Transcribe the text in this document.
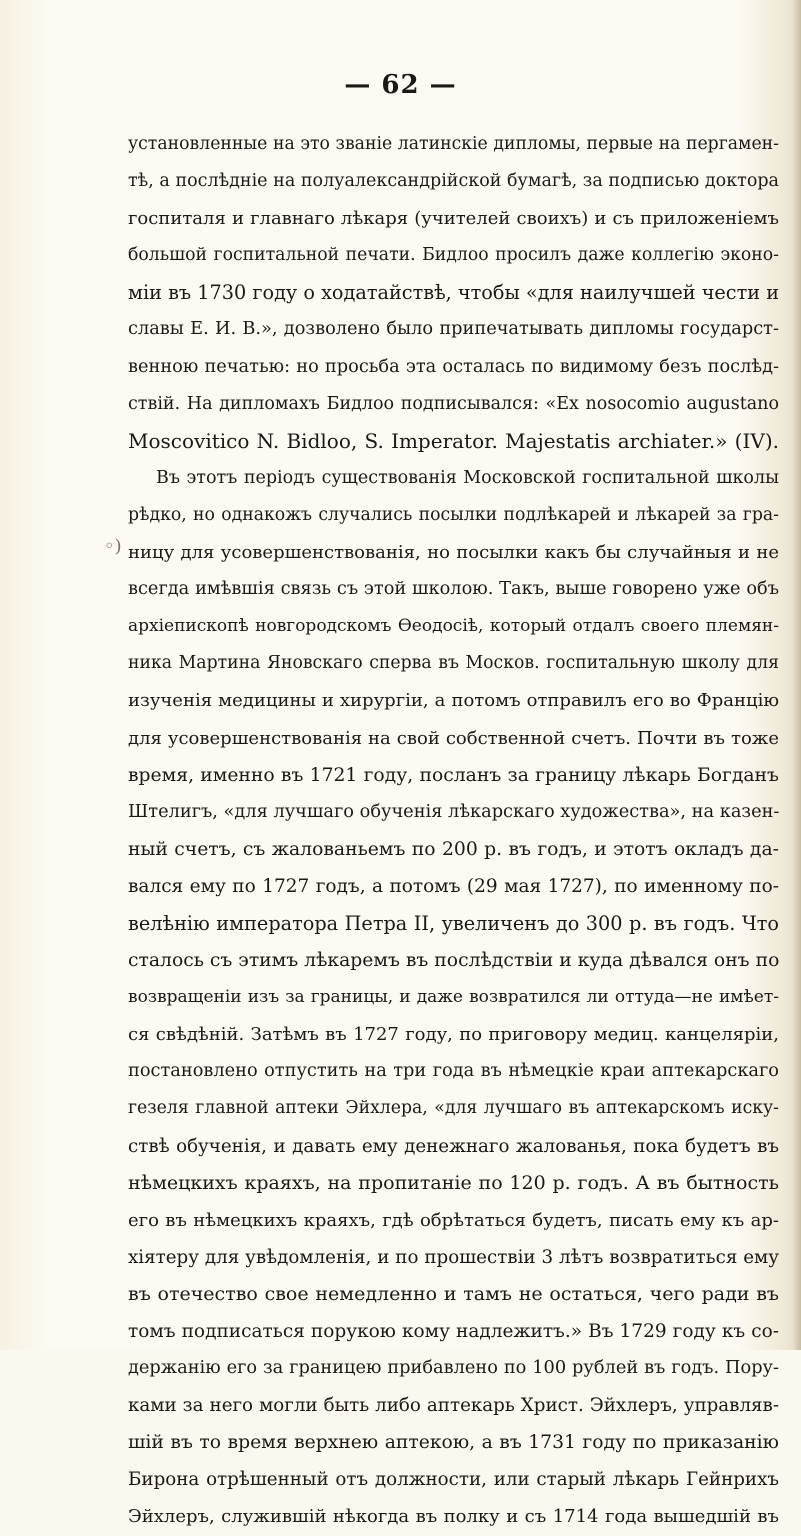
— 62 —
◦)
установленные на это званіе латинскіе дипломы, первые на пергамен-
тѣ, а послѣдніе на полуалександрійской бумагѣ, за подписью доктора
госпиталя и главнаго лѣкаря (учителей своихъ) и съ приложеніемъ
большой госпитальной печати. Бидлоо просилъ даже коллегію эконо-
міи въ 1730 году о ходатайствѣ, чтобы «для наилучшей чести и
славы Е. И. В.», дозволено было припечатывать дипломы государст-
венною печатью: но просьба эта осталась по видимому безъ послѣд-
ствій. На дипломахъ Бидлоо подписывался: «Ex nosocomio augustano
Moscovitico N. Bidloo, S. Imperator. Majestatis archiater.» (IV).
Въ этотъ періодъ существованія Московской госпитальной школы
рѣдко, но однакожъ случались посылки подлѣкарей и лѣкарей за гра-
ницу для усовершенствованія, но посылки какъ бы случайныя и не
всегда имѣвшія связь съ этой школою. Такъ, выше говорено уже объ
архіепископѣ новгородскомъ Ѳеодосіѣ, который отдалъ своего племян-
ника Мартина Яновскаго сперва въ Москов. госпитальную школу для
изученія медицины и хирургіи, а потомъ отправилъ его во Францію
для усовершенствованія на свой собственной счетъ. Почти въ тоже
время, именно въ 1721 году, посланъ за границу лѣкарь Богданъ
Штелигъ, «для лучшаго обученія лѣкарскаго художества», на казен-
ный счетъ, съ жалованьемъ по 200 р. въ годъ, и этотъ окладъ да-
вался ему по 1727 годъ, а потомъ (29 мая 1727), по именному по-
велѣнію императора Петра II, увеличенъ до 300 р. въ годъ. Что
сталось съ этимъ лѣкаремъ въ послѣдствіи и куда дѣвался онъ по
возвращеніи изъ за границы, и даже возвратился ли оттуда—не имѣет-
ся свѣдѣній. Затѣмъ въ 1727 году, по приговору медиц. канцеляріи,
постановлено отпустить на три года въ нѣмецкіе краи аптекарскаго
гезеля главной аптеки Эйхлера, «для лучшаго въ аптекарскомъ иску-
ствѣ обученія, и давать ему денежнаго жалованья, пока будетъ въ
нѣмецкихъ краяхъ, на пропитаніе по 120 р. годъ. А въ бытность
его въ нѣмецкихъ краяхъ, гдѣ обрѣтаться будетъ, писать ему къ ар-
хіятеру для увѣдомленія, и по прошествіи 3 лѣтъ возвратиться ему
въ отечество свое немедленно и тамъ не остаться, чего ради въ
томъ подписаться порукою кому надлежитъ.» Въ 1729 году къ со-
держанію его за границею прибавлено по 100 рублей въ годъ. Пору-
ками за него могли быть либо аптекарь Христ. Эйхлеръ, управляв-
шій въ то время верхнею аптекою, а въ 1731 году по приказанію
Бирона отрѣшенный отъ должности, или старый лѣкарь Гейнрихъ
Эйхлеръ, служившій нѣкогда въ полку и съ 1714 года вышедшій въ
